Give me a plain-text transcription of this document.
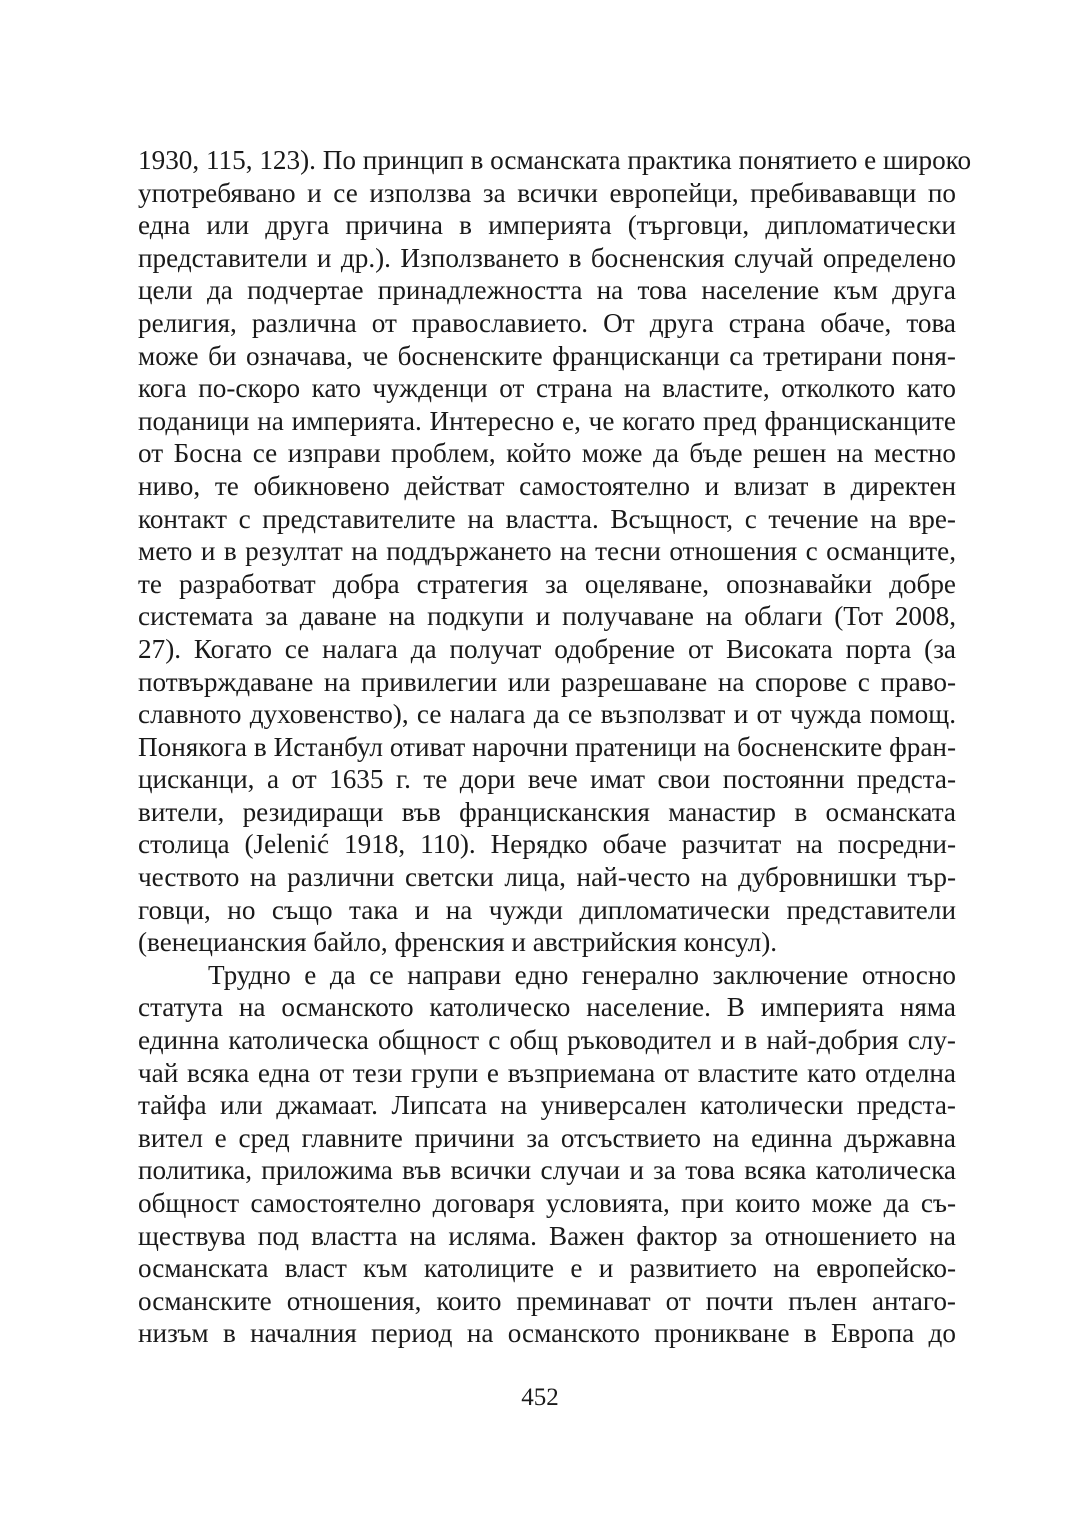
1930, 115, 123). По принцип в османската практика понятието е широко
употребявано и се използва за всички европейци, пребивававщи по
една или друга причина в империята (търговци, дипломатически
представители и др.). Използването в босненския случай определено
цели да подчертае принадлежността на това население към друга
религия, различна от православието. От друга страна обаче, това
може би означава, че босненските францисканци са третирани поня-
кога по-скоро като чужденци от страна на властите, отколкото като
поданици на империята. Интересно е, че когато пред францисканците
от Босна се изправи проблем, който може да бъде решен на местно
ниво, те обикновено действат самостоятелно и влизат в директен
контакт с представителите на властта. Всъщност, с течение на вре-
мето и в резултат на поддържането на тесни отношения с османците,
те разработват добра стратегия за оцеляване, опознавайки добре
системата за даване на подкупи и получаване на облаги (Тот 2008,
27). Когато се налага да получат одобрение от Високата порта (за
потвърждаване на привилегии или разрешаване на спорове с право-
славното духовенство), се налага да се възползват и от чужда помощ.
Понякога в Истанбул отиват нарочни пратеници на босненските фран-
цисканци, а от 1635 г. те дори вече имат свои постоянни предста-
вители, резидиращи във францисканския манастир в османската
столица (Jelenić 1918, 110). Нерядко обаче разчитат на посредни-
чеството на различни светски лица, най-често на дубровнишки тър-
говци, но също така и на чужди дипломатически представители
(венецианския байло, френския и австрийския консул).
Трудно е да се направи едно генерално заключение относно
статута на османското католическо население. В империята няма
единна католическа общност с общ ръководител и в най-добрия слу-
чай всяка една от тези групи е възприемана от властите като отделна
тайфа или джамаат. Липсата на универсален католически предста-
вител е сред главните причини за отсъствието на единна държавна
политика, приложима във всички случаи и за това всяка католическа
общност самостоятелно договаря условията, при които може да съ-
ществува под властта на исляма. Важен фактор за отношението на
османската власт към католиците е и развитието на европейско-
османските отношения, които преминават от почти пълен антаго-
низъм в началния период на османското проникване в Европа до
452
